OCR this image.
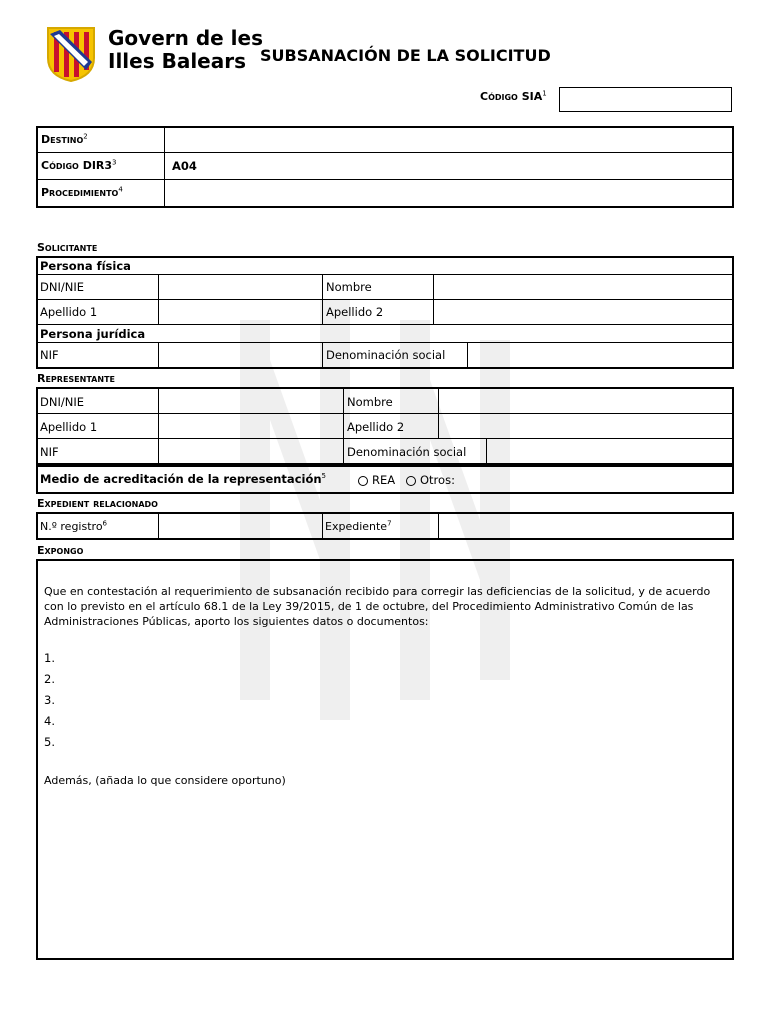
Govern de les
Illes Balears SUBSANACIÓN DE LA SOLICITUD
Código SIA$^1$
Destino$^2$
Código $DIR3^3$	A04
Procedimiento$^4$
Solicitante
Persona física
DNI/NIE	Nombre
Apellido 1	Apellido 2
Persona jurídica
NIF	Denominación social
Representante
DNI/NIE	Nombre
Apellido 1	Apellido 2
NIF	Denominación social
Medio de acreditación de la representación$^5$	REA	Otros:
Expedient relacionado
N.º registro$^6$	Expediente$^7$
Expongo
Que en contestación al requerimiento de subsanación recibido para corregir las deficiencias de la solicitud, y de acuerdo con lo previsto en el artículo 68.1 de la Ley 39/2015, de 1 de octubre, del Procedimiento Administrativo Común de las Administraciones Públicas, aporto los siguientes datos o documentos:
1.
2.
3.
4.
5.
Además, (añada lo que considere oportuno)
